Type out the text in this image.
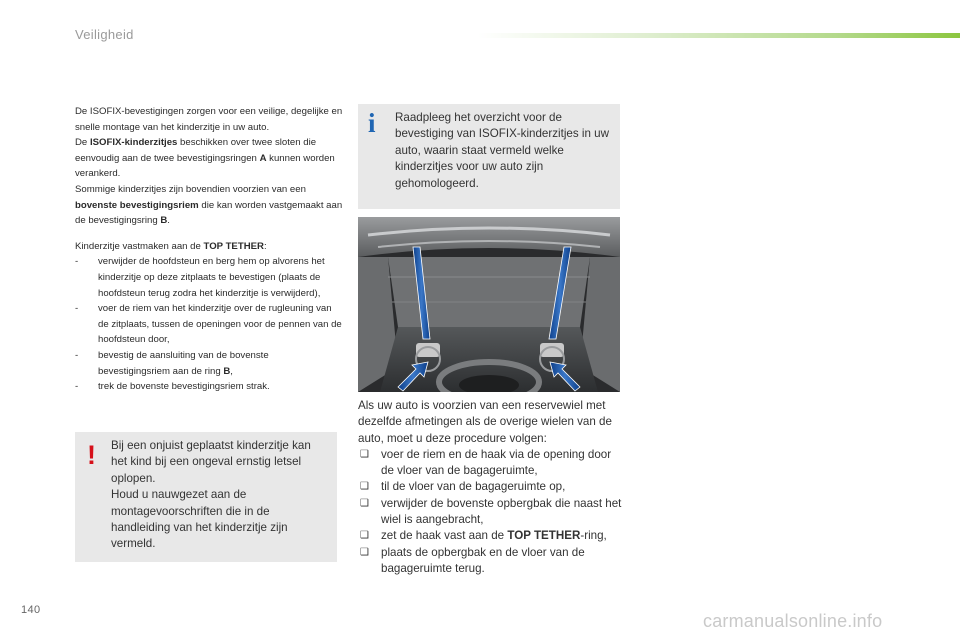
Veiligheid

De ISOFIX-bevestigingen zorgen voor een veilige, degelijke en snelle montage van het kinderzitje in uw auto.

De ISOFIX-kinderzitjes beschikken over twee sloten die eenvoudig aan de twee bevestigingsringen A kunnen worden verankerd.

Sommige kinderzitjes zijn bovendien voorzien van een bovenste bevestigingsriem die kan worden vastgemaakt aan de bevestigingsring B.

Kinderzitje vastmaken aan de TOP TETHER:

- verwijder de hoofdsteun en berg hem op alvorens het kinderzitje op deze zitplaats te bevestigen (plaats de hoofdsteun terug zodra het kinderzitje is verwijderd),
- voer de riem van het kinderzitje over de rugleuning van de zitplaats, tussen de openingen voor de pennen van de hoofdsteun door,
- bevestig de aansluiting van de bovenste bevestigingsriem aan de ring B,
- trek de bovenste bevestigingsriem strak.
! Bij een onjuist geplaatst kinderzitje kan het kind bij een ongeval ernstig letsel oplopen.

Houd u nauwgezet aan de montagevoorschriften die in de handleiding van het kinderzitje zijn vermeld.

i Raadpleeg het overzicht voor de bevestiging van ISOFIX-kinderzitjes in uw auto, waarin staat vermeld welke kinderzitjes voor uw auto zijn gehomologeerd.

Als uw auto is voorzien van een reservewiel met dezelfde afmetingen als de overige wielen van de auto, moet u deze procedure volgen:

❑ voer de riem en de haak via de opening door de vloer van de bagageruimte,
❑ til de vloer van de bagageruimte op,
❑ verwijder de bovenste opbergbak die naast het wiel is aangebracht,
❑ zet de haak vast aan de TOP TETHER-ring,
❑ plaats de opbergbak en de vloer van de bagageruimte terug.
140
carmanualsonline.info
